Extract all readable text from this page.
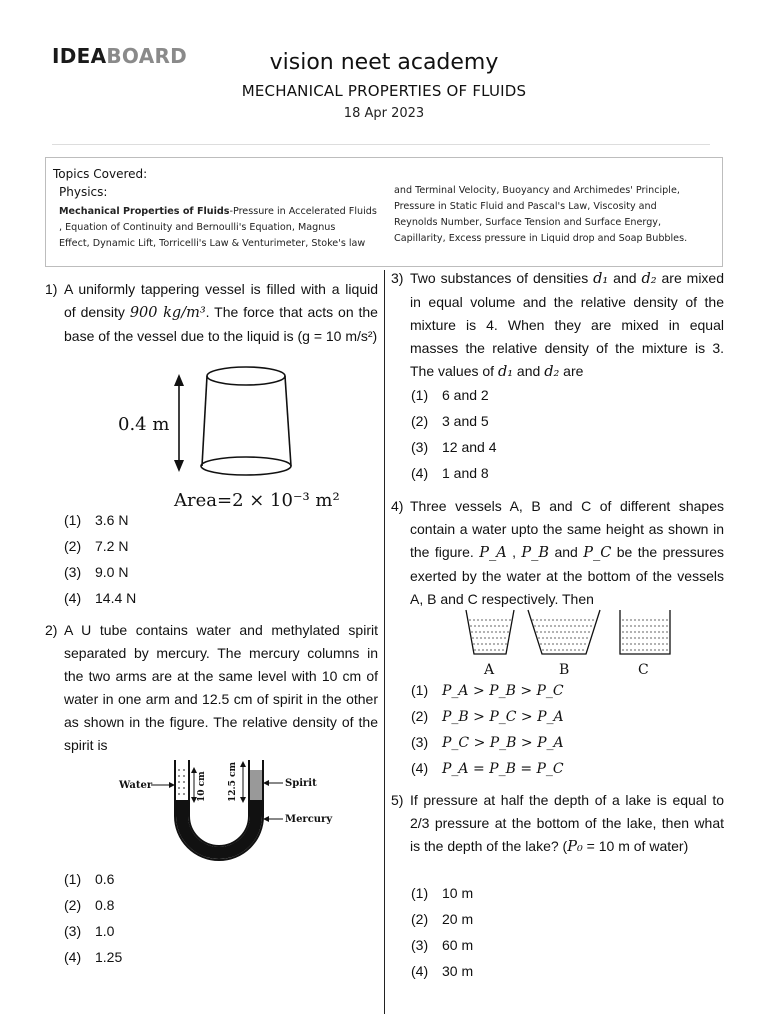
IDEABOARD	vision neet academy
MECHANICAL PROPERTIES OF FLUIDS
18 Apr 2023
Topics Covered:
Physics:
Mechanical Properties of Fluids-Pressure in Accelerated Fluids
, Equation of Continuity and Bernoulli's Equation, Magnus
Effect, Dynamic Lift, Torricelli's Law & Venturimeter, Stoke's law
and Terminal Velocity, Buoyancy and Archimedes' Principle,
Pressure in Static Fluid and Pascal's Law, Viscosity and
Reynolds Number, Surface Tension and Surface Energy,
Capillarity, Excess pressure in Liquid drop and Soap Bubbles.
1) A uniformly tappering vessel is filled with a liquid of density 900 kg/m³. The force that acts on the base of the vessel due to the liquid is (g = 10 m/s²)
0.4 m
Area=2 × 10⁻³ m²
(1) 3.6 N
(2) 7.2 N
(3) 9.0 N
(4) 14.4 N
2) A U tube contains water and methylated spirit separated by mercury. The mercury columns in the two arms are at the same level with 10 cm of water in one arm and 12.5 cm of spirit in the other as shown in the figure. The relative density of the spirit is
10 cm 12.5 cm
Water	Spirit
Mercury
(1) 0.6
(2) 0.8
(3) 1.0
(4) 1.25
3) Two substances of densities d₁ and d₂ are mixed in equal volume and the relative density of the mixture is 4. When they are mixed in equal masses the relative density of the mixture is 3. The values of d₁ and d₂ are
(1) 6 and 2
(2) 3 and 5
(3) 12 and 4
(4) 1 and 8
4) Three vessels A, B and C of different shapes contain a water upto the same height as shown in the figure. P_A , P_B and P_C be the pressures exerted by the water at the bottom of the vessels A, B and C respectively. Then
A	B	C
(1) P_A > P_B > P_C
(2) P_B > P_C > P_A
(3) P_C > P_B > P_A
(4) P_A = P_B = P_C
5) If pressure at half the depth of a lake is equal to 2/3 pressure at the bottom of the lake, then what is the depth of the lake? (P₀ = 10 m of water)
(1) 10 m
(2) 20 m
(3) 60 m
(4) 30 m
